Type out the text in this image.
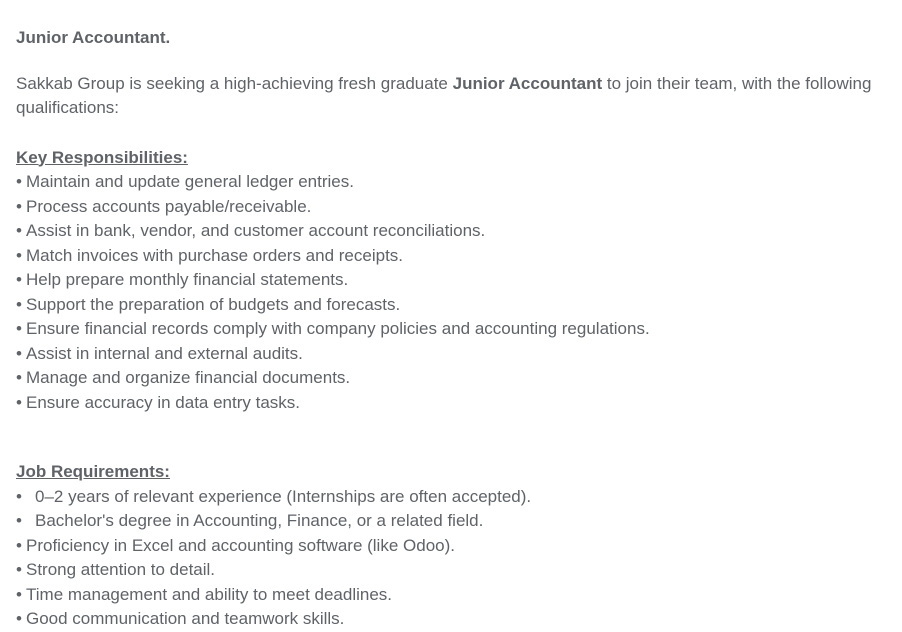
Junior Accountant.

Sakkab Group is seeking a high-achieving fresh graduate Junior Accountant to join their team, with the following qualifications:

Key Responsibilities:

• Maintain and update general ledger entries.
• Process accounts payable/receivable.
• Assist in bank, vendor, and customer account reconciliations.
• Match invoices with purchase orders and receipts.
• Help prepare monthly financial statements.
• Support the preparation of budgets and forecasts.
• Ensure financial records comply with company policies and accounting regulations.
• Assist in internal and external audits.
• Manage and organize financial documents.
• Ensure accuracy in data entry tasks.

Job Requirements:

• 0–2 years of relevant experience (Internships are often accepted).
• Bachelor's degree in Accounting, Finance, or a related field.
• Proficiency in Excel and accounting software (like Odoo).
• Strong attention to detail.
• Time management and ability to meet deadlines.
• Good communication and teamwork skills.
